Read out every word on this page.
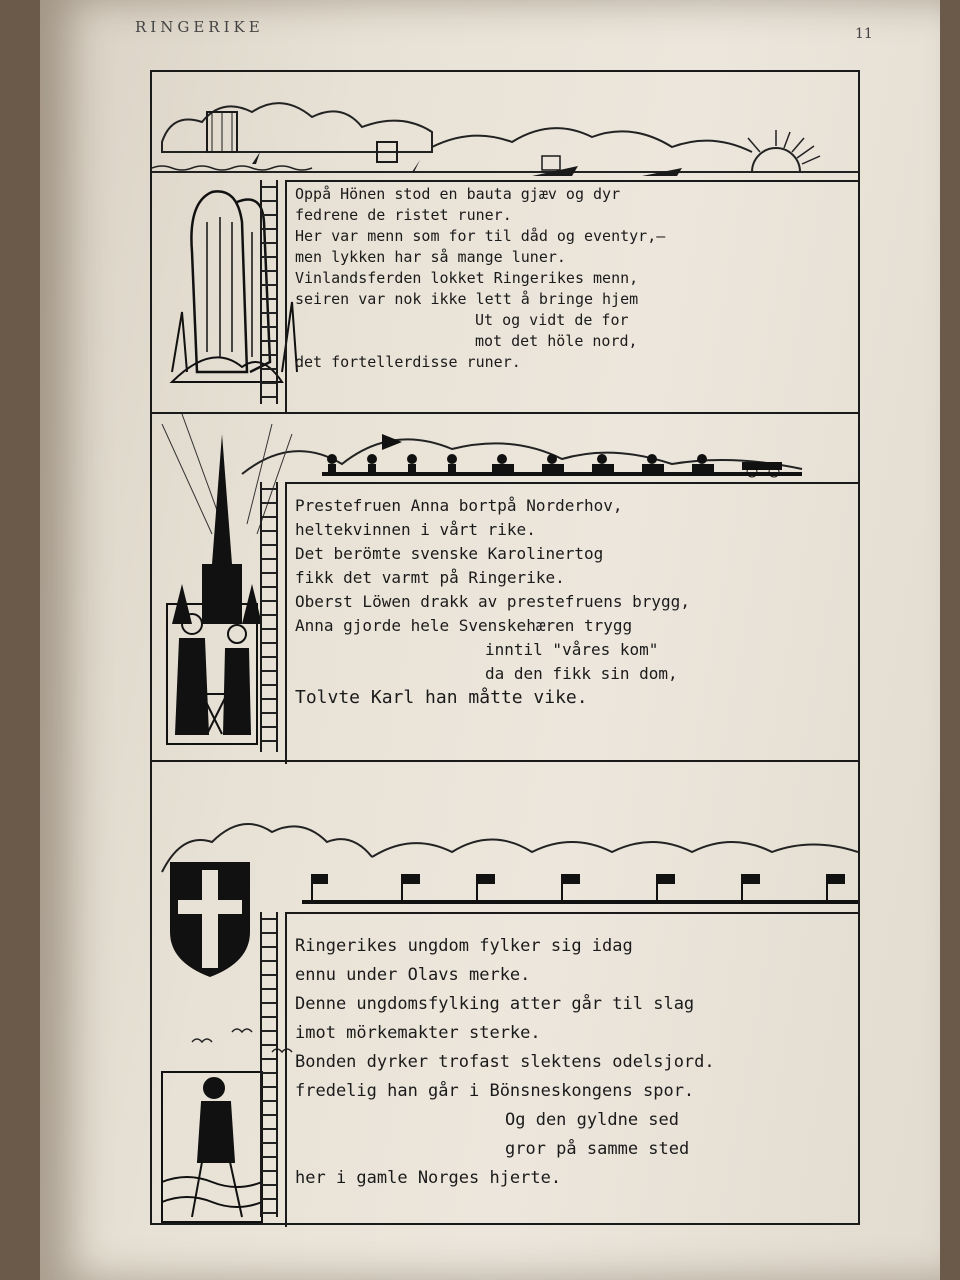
RINGERIKE	11
Oppå Hönen stod en bauta gjæv og dyr
fedrene de ristet runer.
Her var menn som for til dåd og eventyr,—
men lykken har så mange luner.
Vinlandsferden lokket Ringerikes menn,
seiren var nok ikke lett å bringe hjem
Ut og vidt de for
mot det höle nord,
det fortellerdisse runer.
Prestefruen Anna bortpå Norderhov,
heltekvinnen i vårt rike.
Det berömte svenske Karolinertog
fikk det varmt på Ringerike.
Oberst Löwen drakk av prestefruens brygg,
Anna gjorde hele Svenskehæren trygg
inntil "våres kom"
da den fikk sin dom,
Tolvte Karl han måtte vike.
Ringerikes ungdom fylker sig idag
ennu under Olavs merke.
Denne ungdomsfylking atter går til slag
imot mörkemakter sterke.
Bonden dyrker trofast slektens odelsjord.
fredelig han går i Bönsneskongens spor.
Og den gyldne sed
gror på samme sted
her i gamle Norges hjerte.
